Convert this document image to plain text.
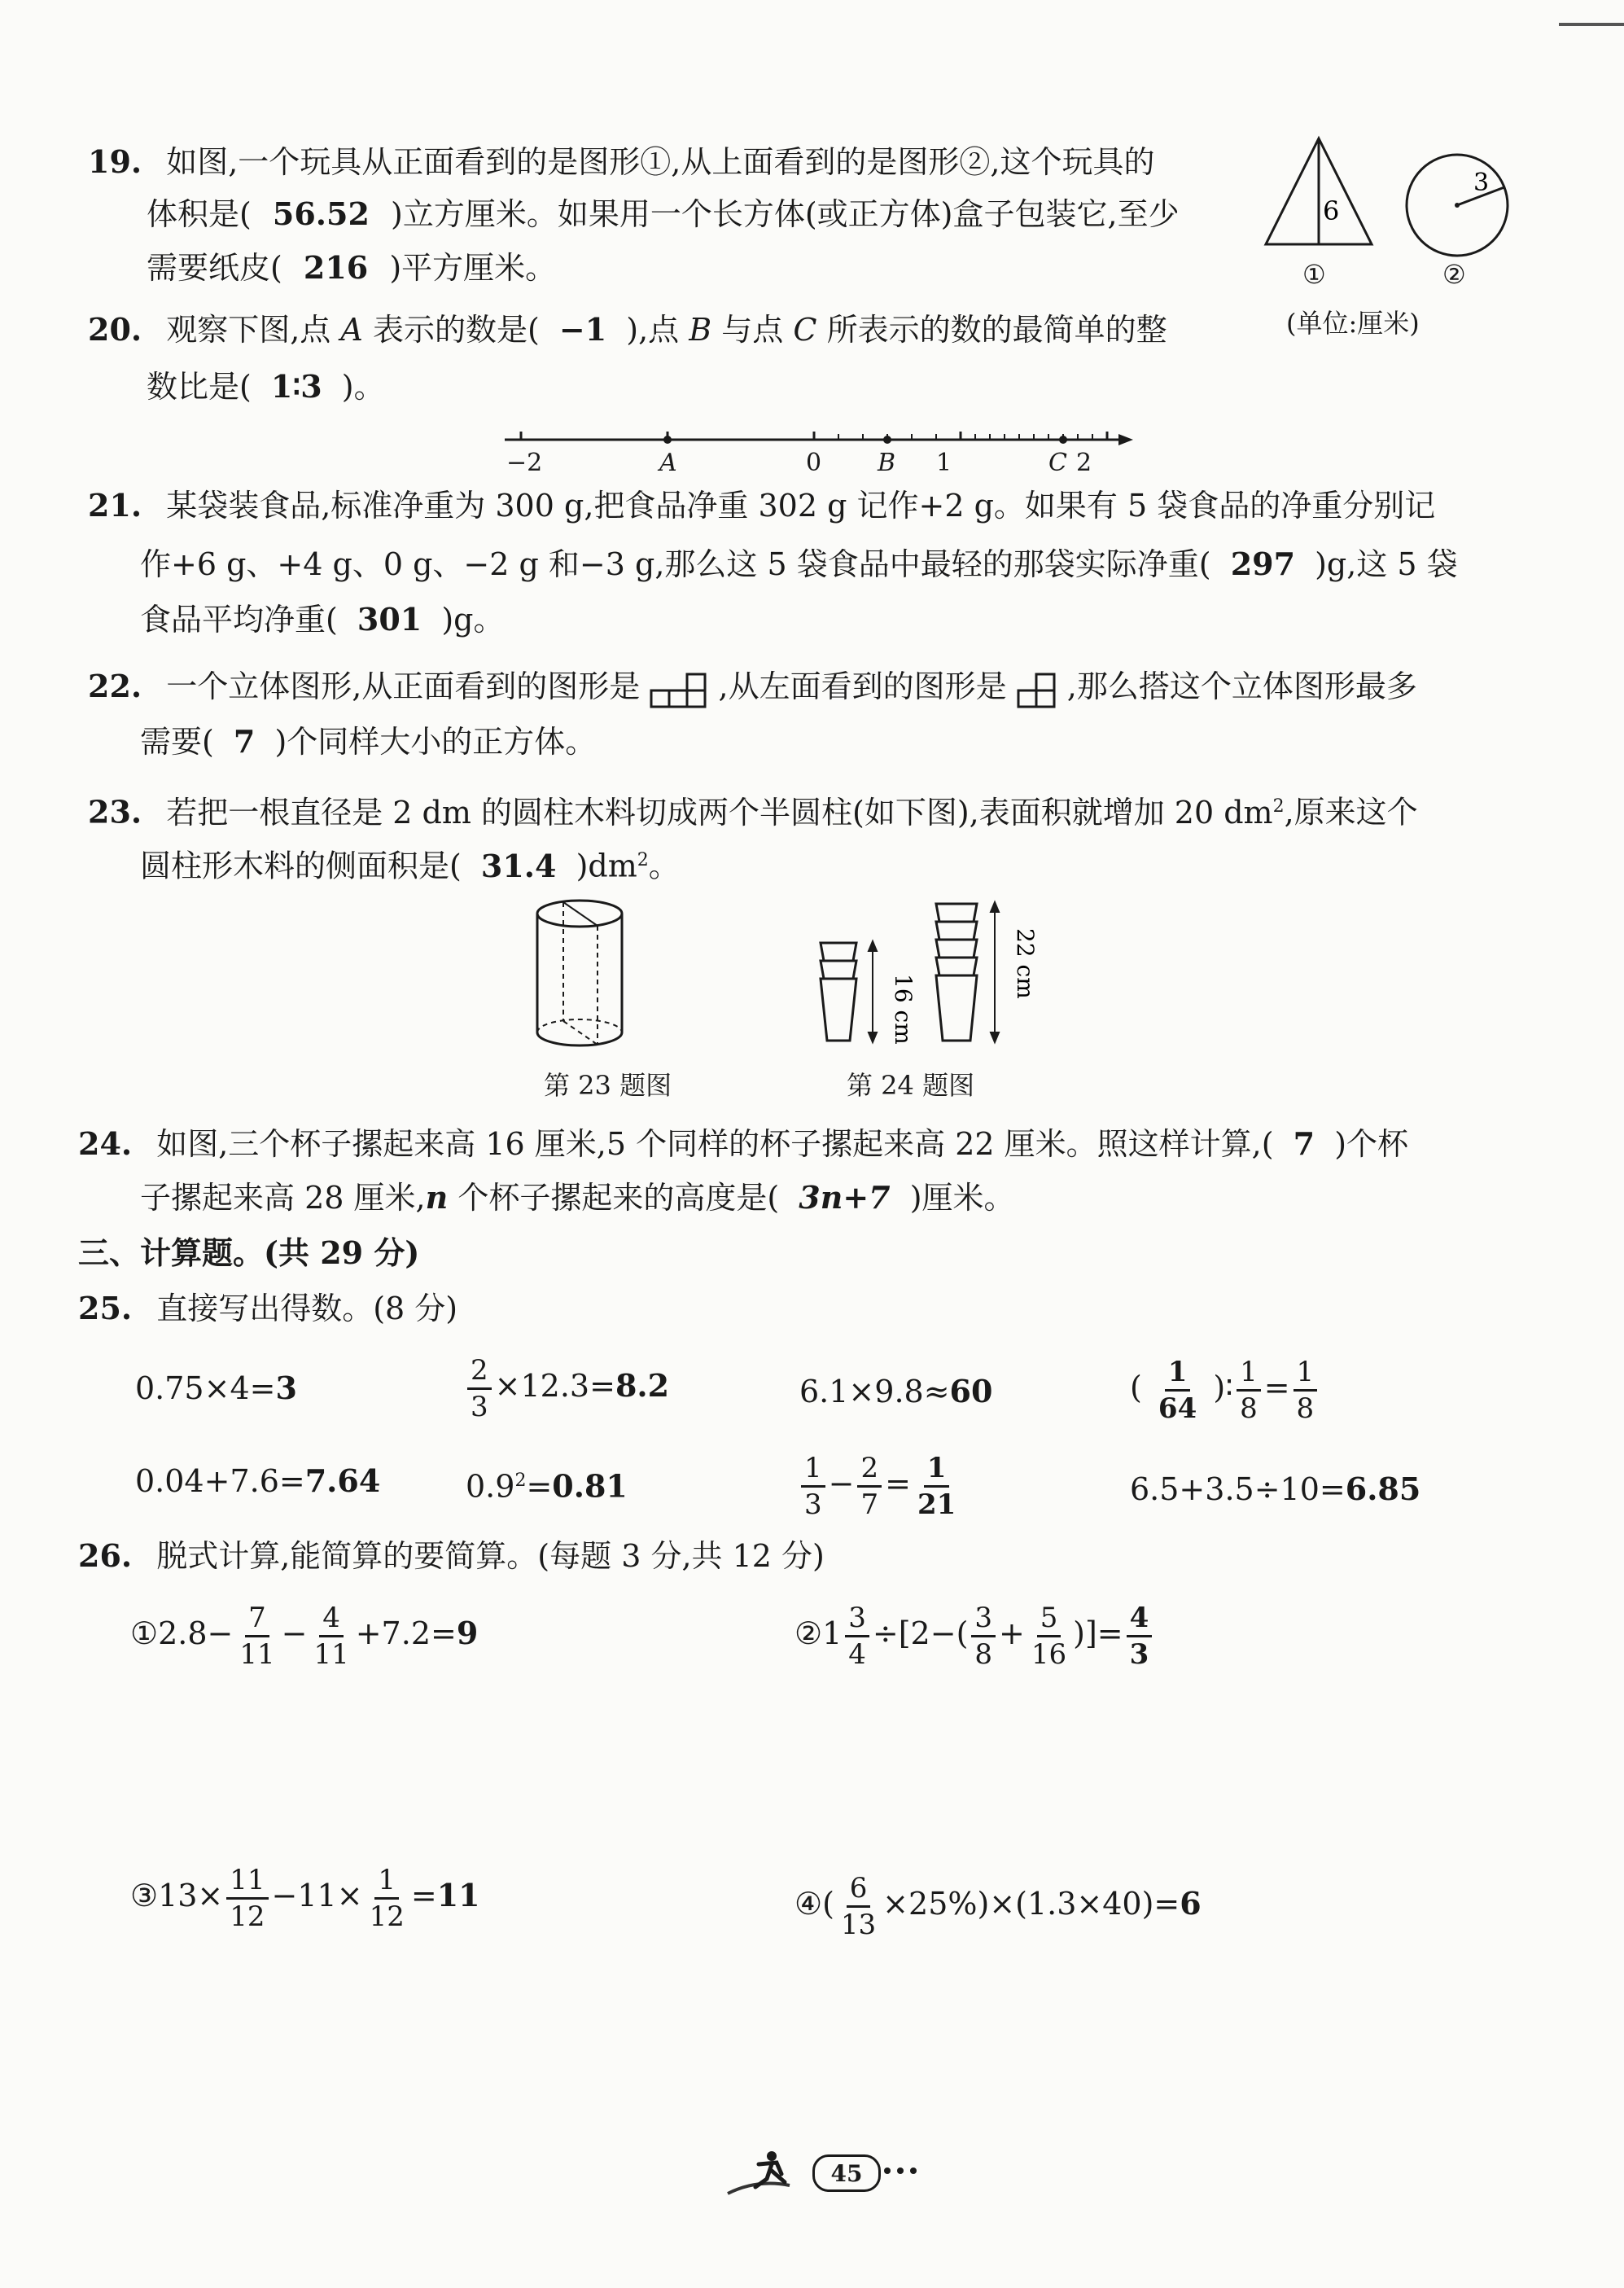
19. 如图,一个玩具从正面看到的是图形①,从上面看到的是图形②,这个玩具的
体积是( 56.52 )立方厘米。如果用一个长方体(或正方体)盒子包装它,至少
需要纸皮( 216 )平方厘米。
6
3
①	②
(单位:厘米)
20. 观察下图,点 A 表示的数是( −1 ),点 B 与点 C 所表示的数的最简单的整
数比是( 1∶3 )。
−2	A	0 B 1	C 2
21. 某袋装食品,标准净重为 300 g,把食品净重 302 g 记作+2 g。如果有 5 袋食品的净重分别记
作+6 g、+4 g、0 g、−2 g 和−3 g,那么这 5 袋食品中最轻的那袋实际净重( 297 )g,这 5 袋
食品平均净重( 301 )g。
22. 一个立体图形,从正面看到的图形是	,从左面看到的图形是 ,那么搭这个立体图形最多
需要( 7 )个同样大小的正方体。
23. 若把一根直径是 2 dm 的圆柱木料切成两个半圆柱(如下图),表面积就增加 20 $dm^2$,原来这个
圆柱形木料的侧面积是( 31.4 )$dm^2$。
第 23 题图
16 cm
22 cm
第 24 题图
24. 如图,三个杯子摞起来高 16 厘米,5 个同样的杯子摞起来高 22 厘米。照这样计算,( 7 )个杯
子摞起来高 28 厘米,n 个杯子摞起来的高度是( 3n+7 )厘米。
三、计算题。(共 29 分)
25. 直接写出得数。(8 分)
0.75×4=3	$\frac{2}{3} \times 12.3=8.2$	6.1×9.8≈60	( $\frac{1}{64}$ )∶ $\frac{1}{8} = \frac{1}{8}$
0.04+7.6=7.64	$0.9^2=0.81$	$\frac{1}{3} - \frac{2}{7} = \frac{1}{21}$	6.5+3.5÷10=6.85
26. 脱式计算,能简算的要简算。(每题 3 分,共 12 分)
①2.8− $\frac{7}{11} - \frac{4}{11} +7.2=9$	②1 $\frac{3}{4} \div[2-( \frac{3}{8} + \frac{5}{16}$ )]= $\frac{4}{3}$
③13× $\frac{11}{12} -11\times \frac{1}{12} =11$	④( $\frac{6}{13} \times 25\%)\times(1.3\times 40)=6$
45
